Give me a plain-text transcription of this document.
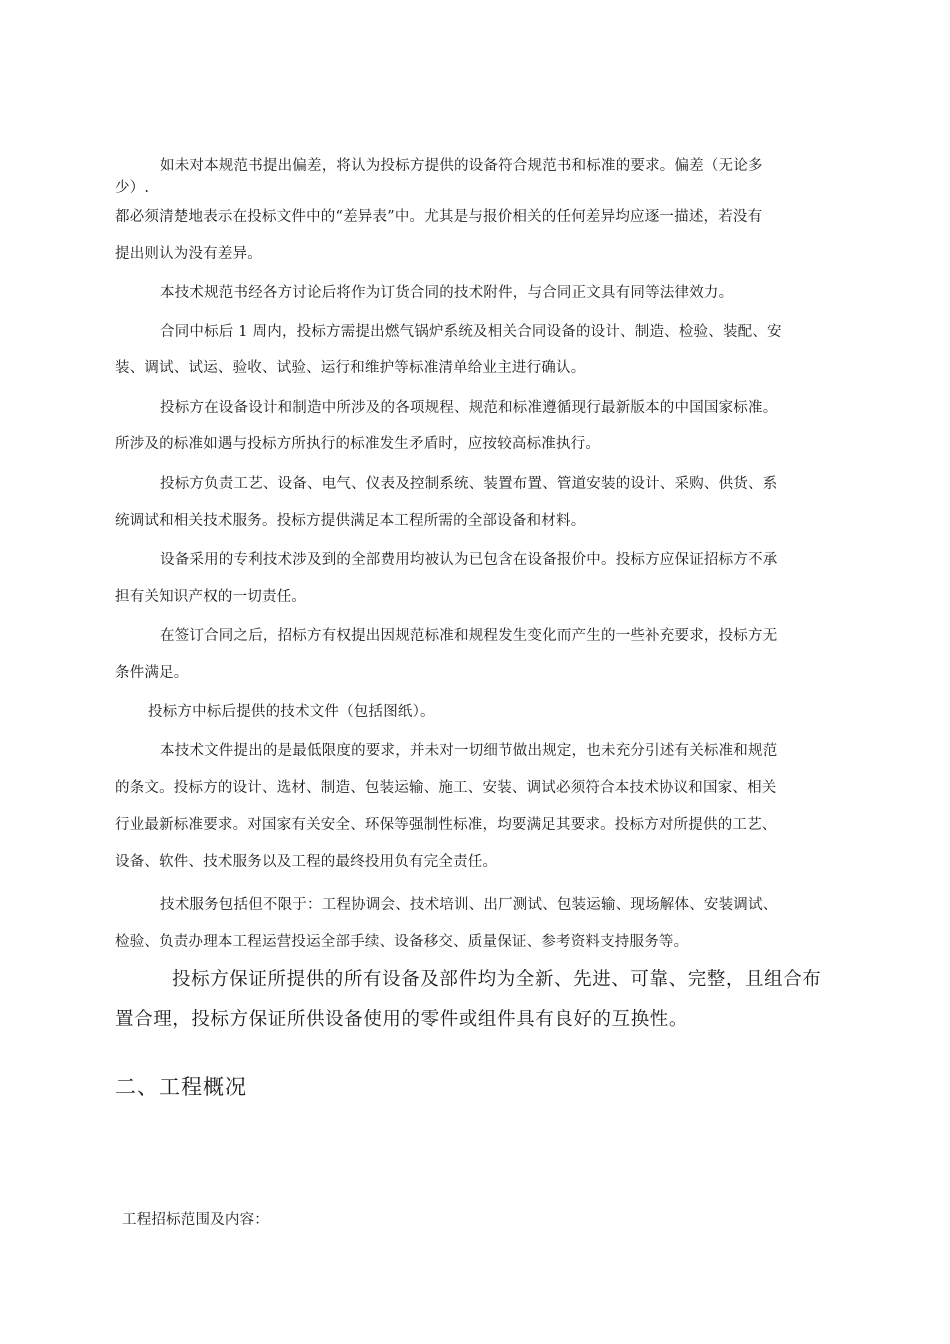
如未对本规范书提出偏差，将认为投标方提供的设备符合规范书和标准的要求。偏差（无论多
少）.
都必须清楚地表示在投标文件中的“差异表”中。尤其是与报价相关的任何差异均应逐一描述，若没有
提出则认为没有差异。
本技术规范书经各方讨论后将作为订货合同的技术附件，与合同正文具有同等法律效力。
合同中标后 1 周内，投标方需提出燃气锅炉系统及相关合同设备的设计、制造、检验、装配、安
装、调试、试运、验收、试验、运行和维护等标准清单给业主进行确认。
投标方在设备设计和制造中所涉及的各项规程、规范和标准遵循现行最新版本的中国国家标准。
所涉及的标准如遇与投标方所执行的标准发生矛盾时，应按较高标准执行。
投标方负责工艺、设备、电气、仪表及控制系统、装置布置、管道安装的设计、采购、供货、系
统调试和相关技术服务。投标方提供满足本工程所需的全部设备和材料。
设备采用的专利技术涉及到的全部费用均被认为已包含在设备报价中。投标方应保证招标方不承
担有关知识产权的一切责任。
在签订合同之后，招标方有权提出因规范标准和规程发生变化而产生的一些补充要求，投标方无
条件满足。
投标方中标后提供的技术文件（包括图纸）。
本技术文件提出的是最低限度的要求，并未对一切细节做出规定，也未充分引述有关标准和规范
的条文。投标方的设计、选材、制造、包装运输、施工、安装、调试必须符合本技术协议和国家、相关
行业最新标准要求。对国家有关安全、环保等强制性标准，均要满足其要求。投标方对所提供的工艺、
设备、软件、技术服务以及工程的最终投用负有完全责任。
技术服务包括但不限于：工程协调会、技术培训、出厂测试、包装运输、现场解体、安装调试、
检验、负责办理本工程运营投运全部手续、设备移交、质量保证、参考资料支持服务等。
投标方保证所提供的所有设备及部件均为全新、先进、可靠、完整，且组合布
置合理，投标方保证所供设备使用的零件或组件具有良好的互换性。
二、工程概况
工程招标范围及内容：
